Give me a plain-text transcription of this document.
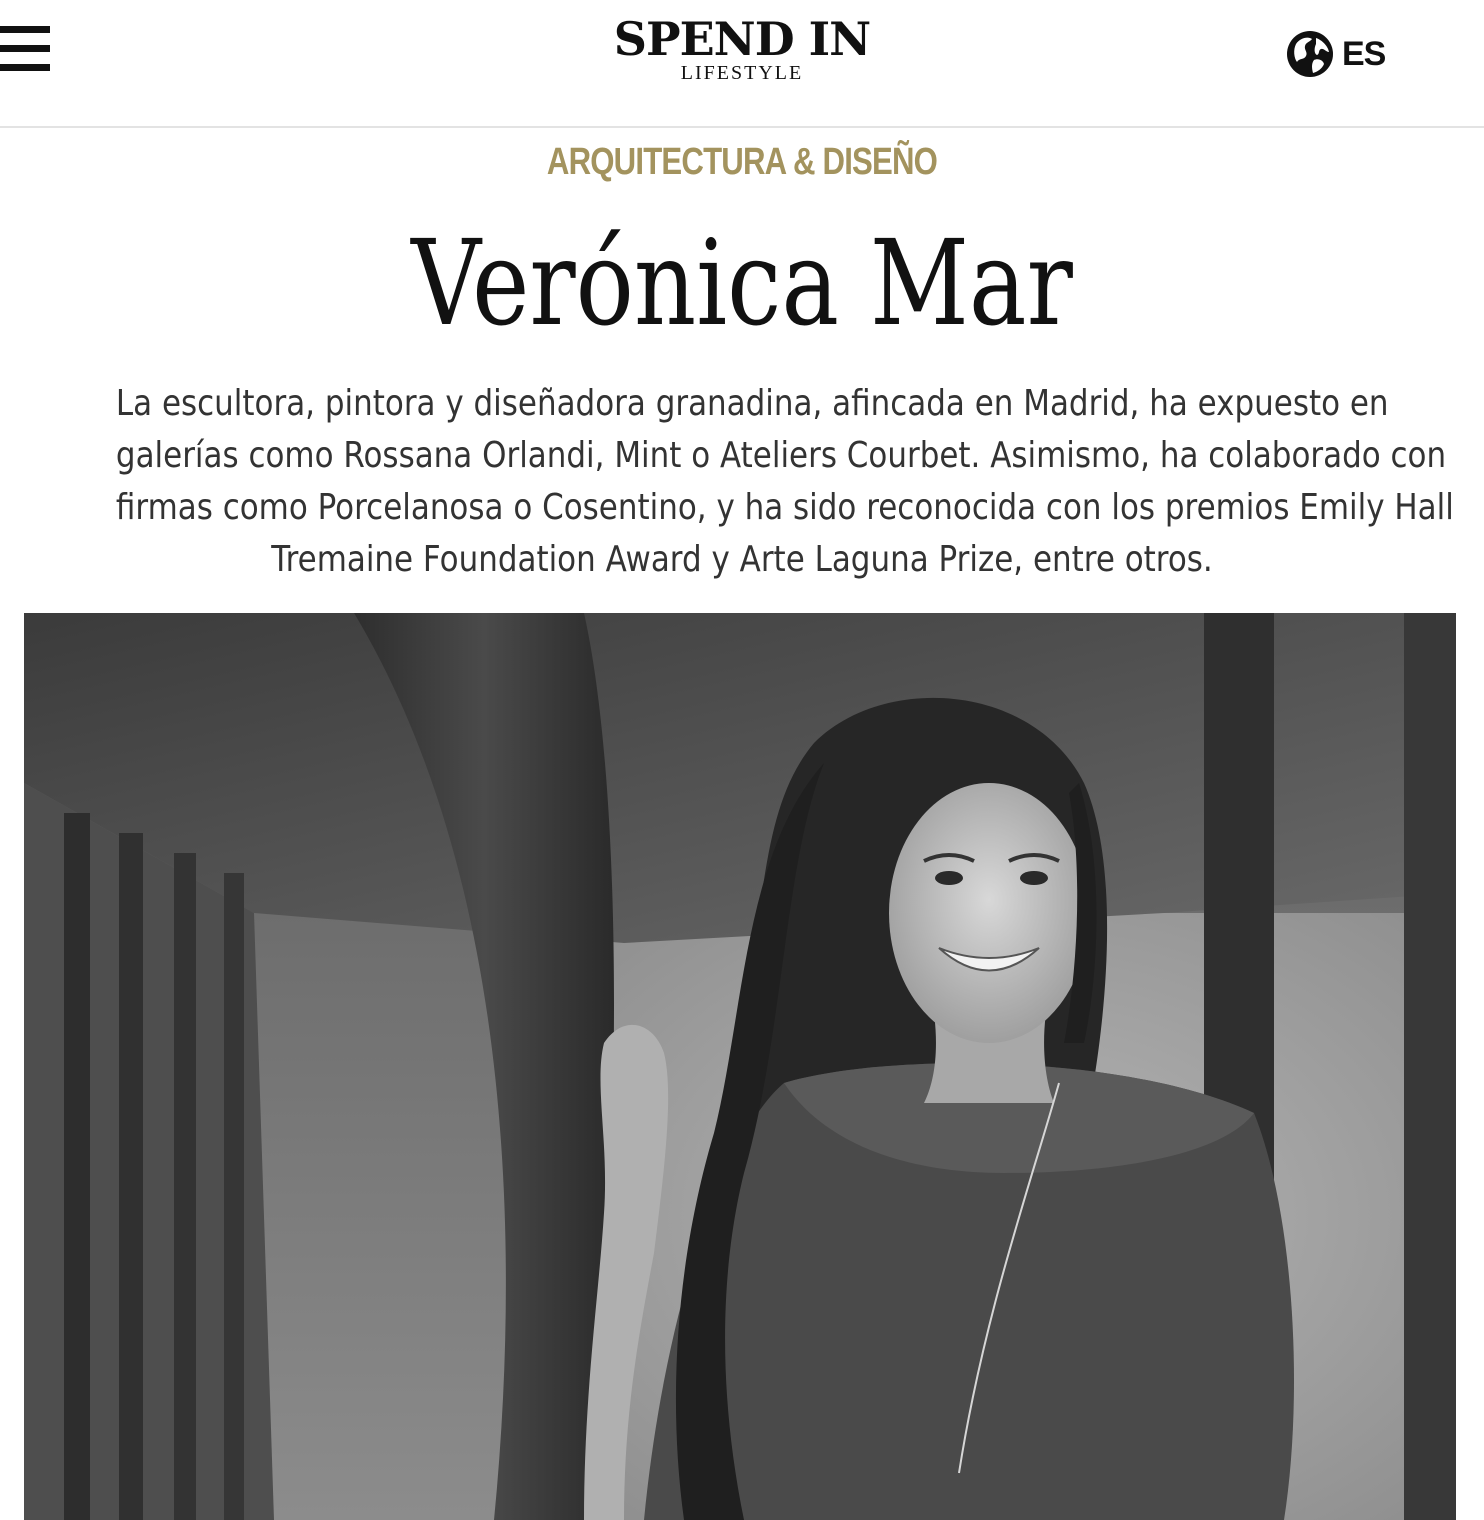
SPEND IN
LIFESTYLE
ES
ARQUITECTURA & DISEÑO
Verónica Mar

La escultora, pintora y diseñadora granadina, afincada en Madrid, ha expuesto en
galerías como Rossana Orlandi, Mint o Ateliers Courbet. Asimismo, ha colaborado con
firmas como Porcelanosa o Cosentino, y ha sido reconocida con los premios Emily Hall
Tremaine Foundation Award y Arte Laguna Prize, entre otros.
